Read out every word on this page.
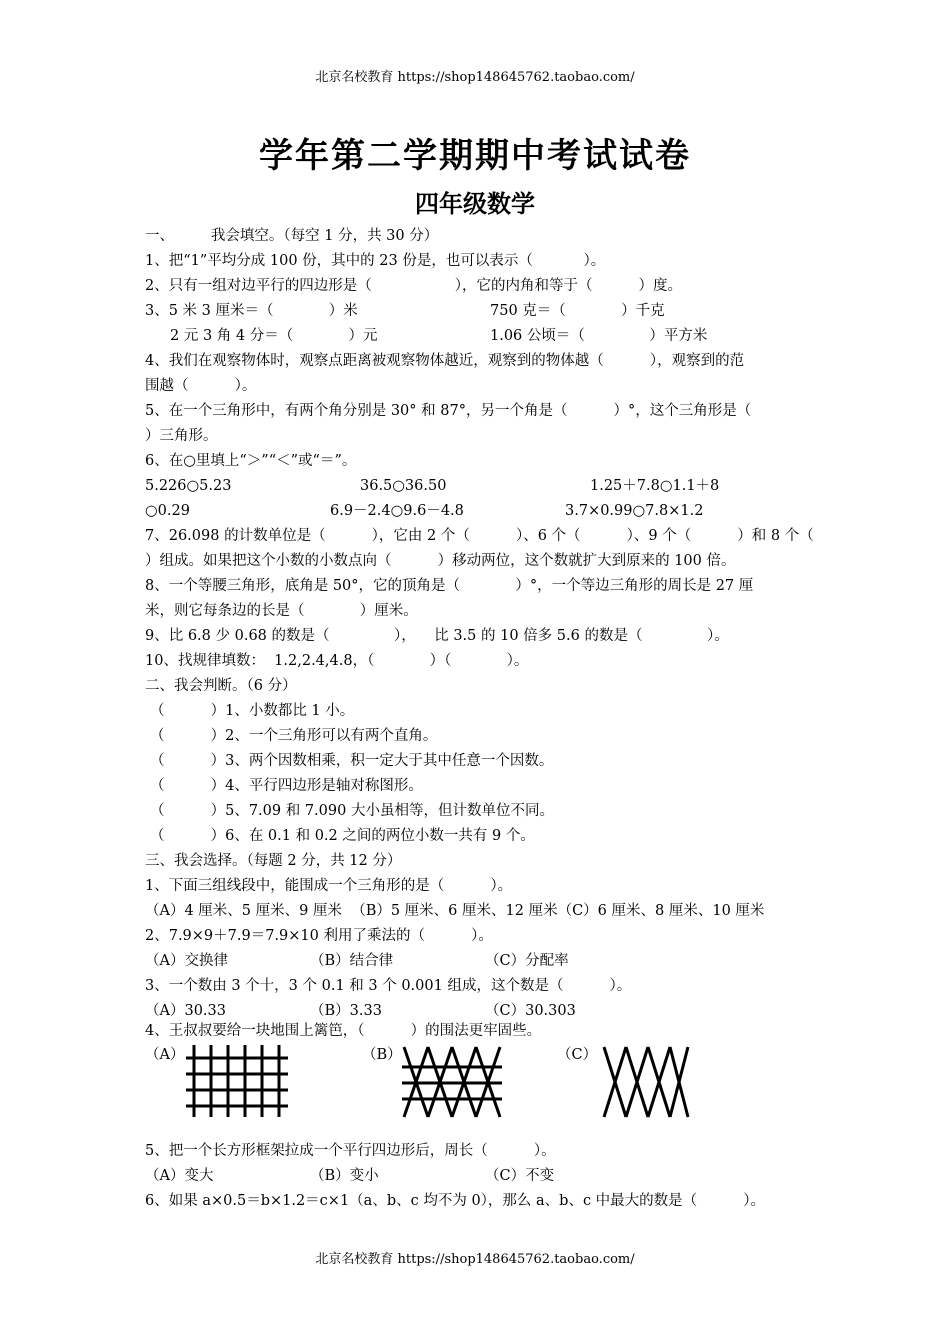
北京名校教育 https://shop148645762.taobao.com/
学年第二学期期中考试试卷
四年级数学
一、        我会填空。（每空 1 分，共 30 分）
1、把“1”平均分成 100 份，其中的 23 份是，也可以表示（           ）。
2、只有一组对边平行的四边形是（                  ），它的内角和等于（          ）度。
3、5 米 3 厘米＝（            ）米	750 克＝（            ）千克
2 元 3 角 4 分＝（            ）元	1.06 公顷＝（              ）平方米
4、我们在观察物体时，观察点距离被观察物体越近，观察到的物体越（          ），观察到的范
围越（          ）。
5、在一个三角形中，有两个角分别是 30° 和 87°，另一个角是（          ）°，这个三角形是（
）三角形。
6、在○里填上“＞”“＜”或“＝”。
5.226○5.23	36.5○36.50	1.25＋7.8○1.1＋8
○0.29	6.9－2.4○9.6－4.8	3.7×0.99○7.8×1.2
7、26.098 的计数单位是（          ），它由 2 个（          ）、6 个（          ）、9 个（          ）和 8 个（
）组成。如果把这个小数的小数点向（          ）移动两位，这个数就扩大到原来的 100 倍。
8、一个等腰三角形，底角是 50°，它的顶角是（            ）°，一个等边三角形的周长是 27 厘
米，则它每条边的长是（            ）厘米。
9、比 6.8 少 0.68 的数是（              ），    比 3.5 的 10 倍多 5.6 的数是（              ）。
10、找规律填数：  1.2,2.4,4.8，（            ）（            ）。
二、我会判断。（6 分）
（          ）1、小数都比 1 小。
（          ）2、一个三角形可以有两个直角。
（          ）3、两个因数相乘，积一定大于其中任意一个因数。
（          ）4、平行四边形是轴对称图形。
（          ）5、7.09 和 7.090 大小虽相等，但计数单位不同。
（          ）6、在 0.1 和 0.2 之间的两位小数一共有 9 个。
三、我会选择。（每题 2 分，共 12 分）
1、下面三组线段中，能围成一个三角形的是（          ）。
（A）4 厘米、5 厘米、9 厘米  （B）5 厘米、6 厘米、12 厘米（C）6 厘米、8 厘米、10 厘米
2、7.9×9＋7.9＝7.9×10 利用了乘法的（          ）。
（A）交换律	（B）结合律	（C）分配率
3、一个数由 3 个十，3 个 0.1 和 3 个 0.001 组成，这个数是（          ）。
（A）30.33	（B）3.33	（C）30.303
4、王叔叔要给一块地围上篱笆，（          ）的围法更牢固些。
（A）	（B）	（C）
5、把一个长方形框架拉成一个平行四边形后，周长（          ）。
（A）变大	（B）变小	（C）不变
6、如果 a×0.5＝b×1.2＝c×1（a、b、c 均不为 0），那么 a、b、c 中最大的数是（          ）。
北京名校教育 https://shop148645762.taobao.com/
